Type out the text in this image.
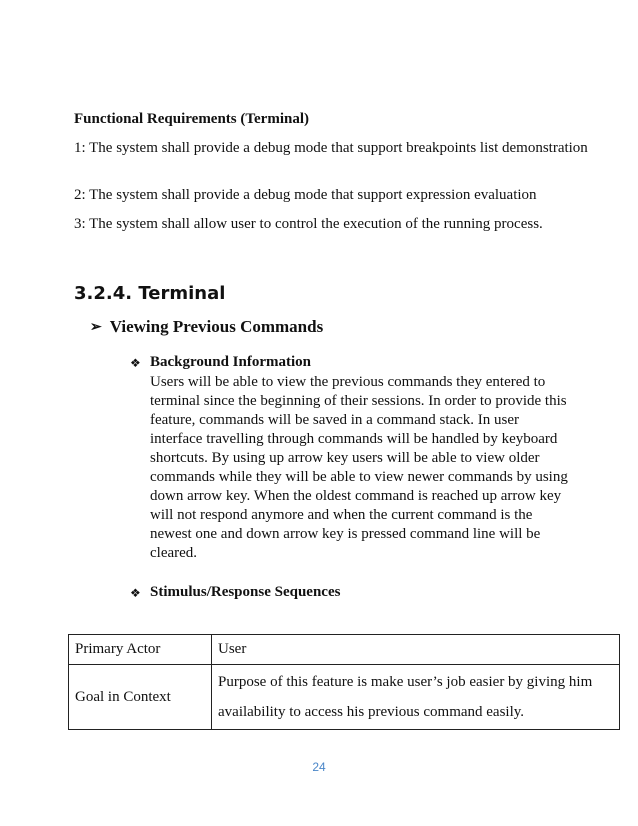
Functional Requirements (Terminal)
1: The system shall provide a debug mode that support breakpoints list demonstration
2: The system shall provide a debug mode that support expression evaluation
3: The system shall allow user to control the execution of the running process.
3.2.4. Terminal
➢ Viewing Previous Commands
❖ Background Information
Users will be able to view the previous commands they entered to terminal since the beginning of their sessions. In order to provide this feature, commands will be saved in a command stack. In user interface travelling through commands will be handled by keyboard shortcuts. By using up arrow key users will be able to view older commands while they will be able to view newer commands by using down arrow key. When the oldest command is reached up arrow key will not respond anymore and when the current command is the newest one and down arrow key is pressed command line will be cleared.
❖ Stimulus/Response Sequences
Primary Actor	User
Goal in Context	Purpose of this feature is make user’s job easier by giving him availability to access his previous command easily.
24
